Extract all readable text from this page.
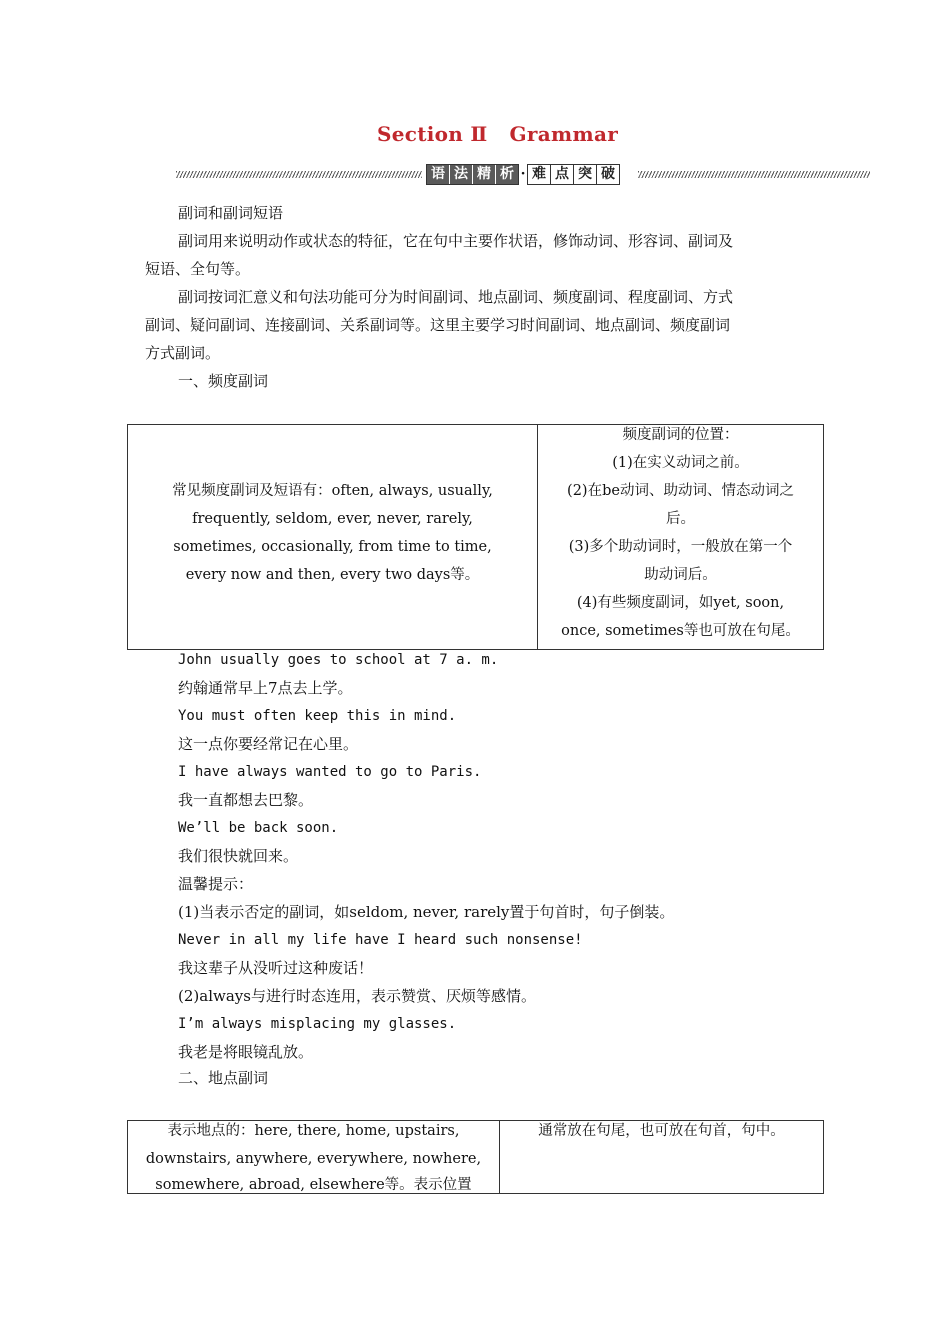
Section Ⅱ Grammar
语 法 精 析 · 难 点 突 破
副词和副词短语
副词用来说明动作或状态的特征，它在句中主要作状语，修饰动词、形容词、副词及
短语、全句等。
副词按词汇意义和句法功能可分为时间副词、地点副词、频度副词、程度副词、方式
副词、疑问副词、连接副词、关系副词等。这里主要学习时间副词、地点副词、频度副词
方式副词。
一、频度副词
常见频度副词及短语有：often, always, usually,
frequently, seldom, ever, never, rarely,
sometimes, occasionally, from time to time,
every now and then, every two days等。
频度副词的位置：
(1)在实义动词之前。
(2)在be动词、助动词、情态动词之
后。
(3)多个助动词时，一般放在第一个
助动词后。
(4)有些频度副词，如yet, soon,
once, sometimes等也可放在句尾。
John usually goes to school at 7 a. m.
约翰通常早上7点去上学。
You must often keep this in mind.
这一点你要经常记在心里。
I have always wanted to go to Paris.
我一直都想去巴黎。
We’ll be back soon.
我们很快就回来。
温馨提示：
(1)当表示否定的副词，如seldom, never, rarely置于句首时，句子倒装。
Never in all my life have I heard such nonsense!
我这辈子从没听过这种废话！
(2)always与进行时态连用，表示赞赏、厌烦等感情。
I’m always misplacing my glasses.
我老是将眼镜乱放。
二、地点副词
表示地点的：here, there, home, upstairs,
downstairs, anywhere, everywhere, nowhere,
somewhere, abroad, elsewhere等。表示位置
通常放在句尾，也可放在句首，句中。
